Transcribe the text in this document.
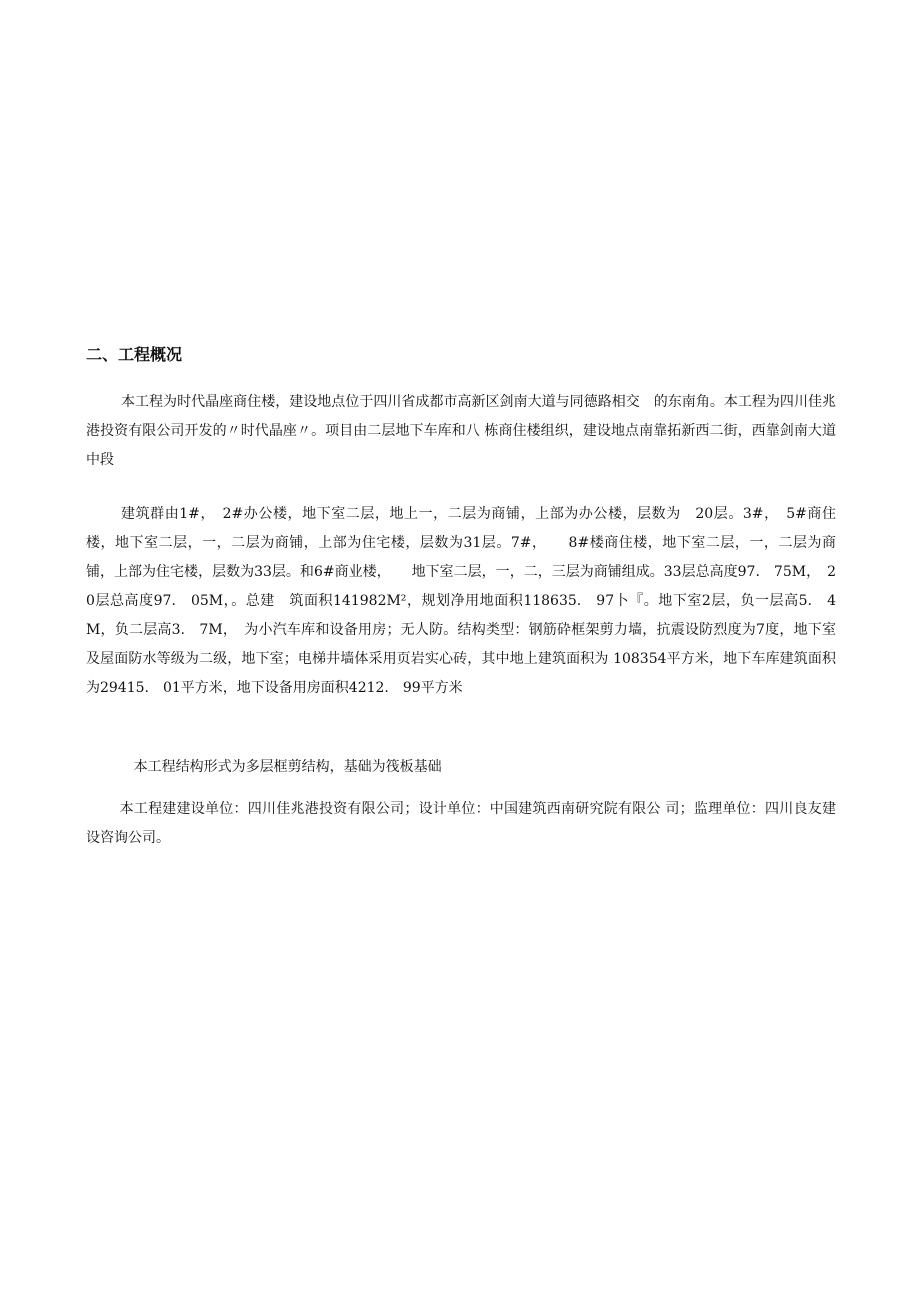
二、工程概况

本工程为时代晶座商住楼，建设地点位于四川省成都市高新区剑南大道与同德路相交　的东南角。本工程为四川佳兆港投资有限公司开发的〃时代晶座〃。项目由二层地下车库和八 栋商住楼组织，建设地点南靠拓新西二街，西靠剑南大道中段

建筑群由1#，　2#办公楼，地下室二层，地上一，二层为商铺，上部为办公楼，层数为　20层。3#，　5#商住楼，地下室二层，一，二层为商铺，上部为住宅楼，层数为31层。7#，　　8#楼商住楼，地下室二层，一，二层为商铺，上部为住宅楼，层数为33层。和6#商业楼，　　地下室二层，一，二，三层为商铺组成。33层总高度97.　75M，　20层总高度97.　05M，。总建　筑面积141982M²，规划净用地面积118635.　97卜『。地下室2层，负一层高5.　4M，负二层高3.　7M，　为小汽车库和设备用房；无人防。结构类型：钢筋砕框架剪力墙，抗震设防烈度为7度，地下室及屋面防水等级为二级，地下室；电梯井墙体采用页岩实心砖，其中地上建筑面积为 108354平方米，地下车库建筑面积为29415.　01平方米，地下设备用房面积4212.　99平方米

本工程结构形式为多层框剪结构，基础为筏板基础

本工程建建设单位：四川佳兆港投资有限公司；设计单位：中国建筑西南研究院有限公 司；监理单位：四川良友建设咨询公司。
